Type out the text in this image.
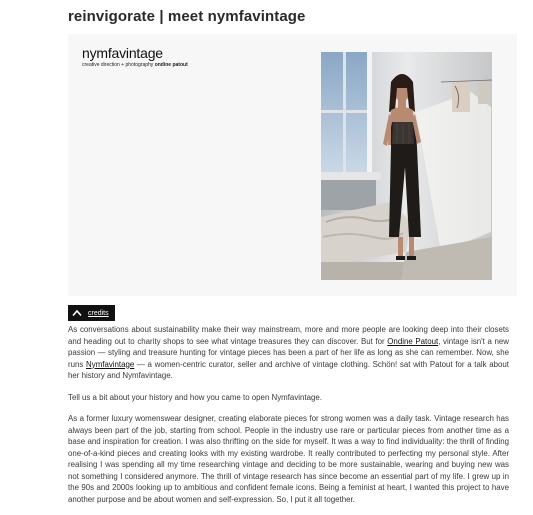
reinvigorate | meet nymfavintage
nymfavintage
creative direction + photography ondine patout
credits

As conversations about sustainability make their way mainstream, more and more people are looking deep into their closets and heading out to charity shops to see what vintage treasures they can discover. But for Ondine Patout, vintage isn't a new passion — styling and treasure hunting for vintage pieces has been a part of her life as long as she can remember. Now, she runs Nymfavintage — a women-centric curator, seller and archive of vintage clothing. Schön! sat with Patout for a talk about her history and Nymfavintage.

Tell us a bit about your history and how you came to open Nymfavintage.

As a former luxury womenswear designer, creating elaborate pieces for strong women was a daily task. Vintage research has always been part of the job, starting from school. People in the industry use rare or particular pieces from another time as a base and inspiration for creation. I was also thrifting on the side for myself. It was a way to find individuality: the thrill of finding one-of-a-kind pieces and creating looks with my existing wardrobe. It really contributed to perfecting my personal style. After realising I was spending all my time researching vintage and deciding to be more sustainable, wearing and buying new was not something I considered anymore. The thrill of vintage research has since become an essential part of my life. I grew up in the 90s and 2000s looking up to ambitious and confident female icons. Being a feminist at heart, I wanted this project to have another purpose and be about women and self-expression. So, I put it all together.
